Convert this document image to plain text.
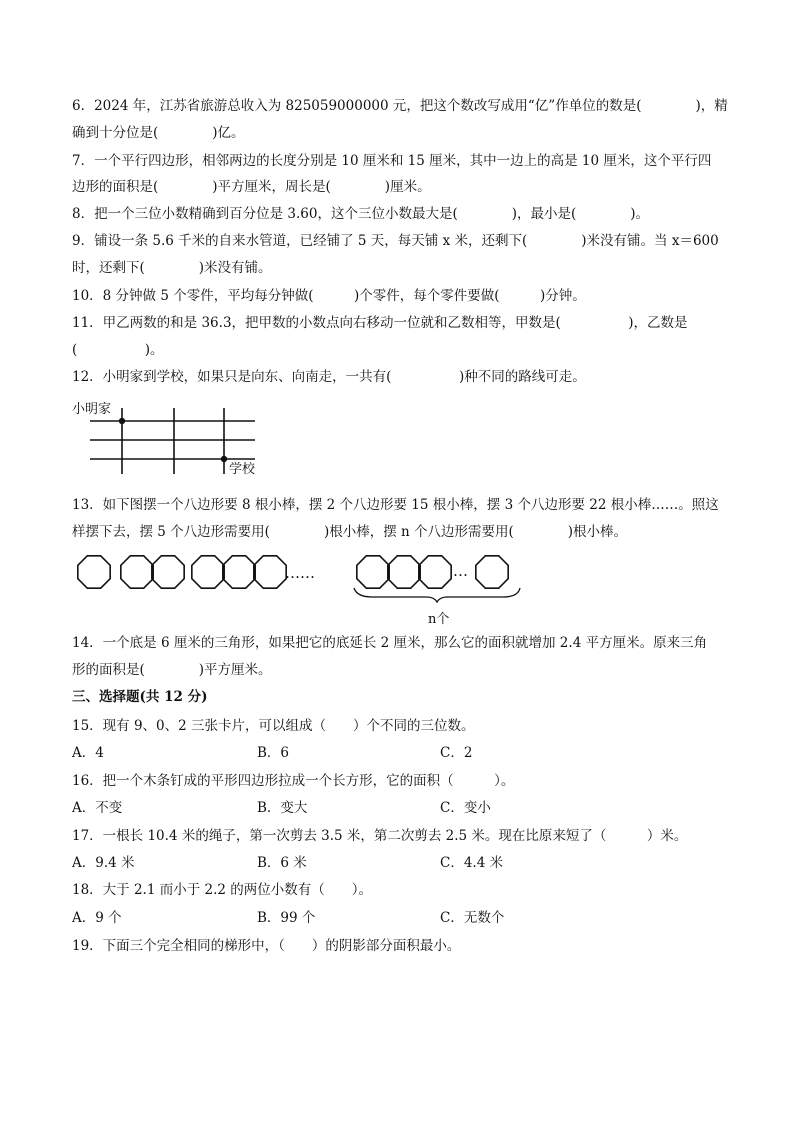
6．2024 年，江苏省旅游总收入为 825059000000 元，把这个数改写成用“亿”作单位的数是(　　　　)，精
确到十分位是(　　　　)亿。
7．一个平行四边形，相邻两边的长度分别是 10 厘米和 15 厘米，其中一边上的高是 10 厘米，这个平行四
边形的面积是(　　　　)平方厘米，周长是(　　　　)厘米。
8．把一个三位小数精确到百分位是 3.60，这个三位小数最大是(　　　　)，最小是(　　　　)。
9．铺设一条 5.6 千米的自来水管道，已经铺了 5 天，每天铺 x 米，还剩下(　　　　)米没有铺。当 x＝600
时，还剩下(　　　　)米没有铺。
10．8 分钟做 5 个零件，平均每分钟做(　　　)个零件，每个零件要做(　　　)分钟。
11．甲乙两数的和是 36.3，把甲数的小数点向右移动一位就和乙数相等，甲数是(　　　　　)，乙数是
(　　　　　)。
12．小明家到学校，如果只是向东、向南走，一共有(　　　　　)种不同的路线可走。
小明家
学校
13．如下图摆一个八边形要 8 根小棒，摆 2 个八边形要 15 根小棒，摆 3 个八边形要 22 根小棒……。照这
样摆下去，摆 5 个八边形需要用(　　　　)根小棒，摆 n 个八边形需要用(　　　　)根小棒。
……	…
n个
14．一个底是 6 厘米的三角形，如果把它的底延长 2 厘米，那么它的面积就增加 2.4 平方厘米。原来三角
形的面积是(　　　　)平方厘米。
三、选择题(共 12 分)
15．现有 9、0、2 三张卡片，可以组成（　　）个不同的三位数。
A．4	B．6	C．2
16．把一个木条钉成的平形四边形拉成一个长方形，它的面积（　　　）。
A．不变	B．变大	C．变小
17．一根长 10.4 米的绳子，第一次剪去 3.5 米，第二次剪去 2.5 米。现在比原来短了（　　　）米。
A．9.4 米	B．6 米	C．4.4 米
18．大于 2.1 而小于 2.2 的两位小数有（　　）。
A．9 个	B．99 个	C．无数个
19．下面三个完全相同的梯形中，（　　）的阴影部分面积最小。
